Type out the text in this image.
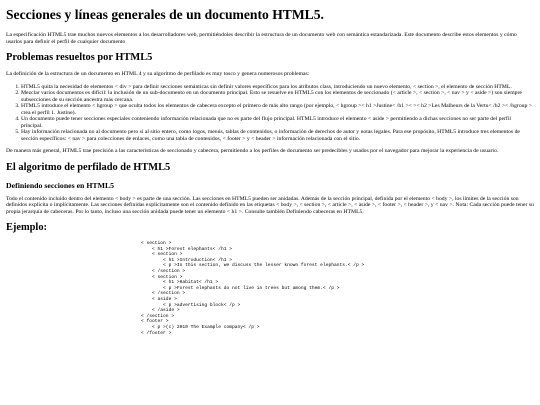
Secciones y líneas generales de un documento HTML5.

La especificación HTML5 trae muchos nuevos elementos a los desarrolladores web, permitiéndoles describir la estructura de un documento web con semántica estandarizada. Este documento describe estos elementos y cómo usarlos para definir el perfil de cualquier documento

Problemas resueltos por HTML5

La definición de la estructura de un documento en HTML 4 y su algoritmo de perfilado es muy tosco y genera numerosos problemas:

1. HTML5 quita la necesidad de elementos < div > para definir secciones semánticas sin definir valores específicos para los atributos class, introduciendo un nuevo elemento, < section >, el elemento de sección HTML.
2. Mezclar varios documentos es difícil: la inclusión de un sub-documento en un documento principal. Esto se resuelve en HTML5 con los elementos de seccionado (< article >, < section >, < nav > y < aside >) son siempre subsecciones de su sección ancestra más cercana.
3. HTML5 introduce el elemento < hgroup > que oculta todos los elementos de cabecera excepto el primero de más alto rango (por ejemplo, < hgroup >< h1 >Justine< /h1 >< >< h2 >Les Malheurs de la Vertu< /h2 >< /hgroup > crea el perfil 1. Justine).
4. Un documento puede tener secciones especiales conteniendo información relacionada que no es parte del flujo principal. HTML5 introduce el elemento < aside > permitiendo a dichas secciones no ser parte del perfil principal.
5. Hay información relacionada no al documento pero sí al sitio entero, como logos, menús, tablas de contenidos, o información de derechos de autor y notas legales. Para ese propósito, HTML5 introduce tres elementos de sección específicos: < nav > para colecciones de enlaces, como una tabla de contenidos, < footer > y < header > información relacionada con el sitio.

De manera más general, HTML5 trae precisión a las características de seccionado y cabecera, permitiendo a los perfiles de documento ser predecibles y usados por el navegador para mejorar la experiencia de usuario.

El algoritmo de perfilado de HTML5
Definiendo secciones en HTML5

Todo el contenido incluido dentro del elemento < body > es parte de una sección. Las secciones en HTML5 pueden ser anidadas. Además de la sección principal, definida por el elemento < body >, los límites de la sección son definidos explícita o implícitamente. Las secciones definidas explícitamente son el contenido definido en las etiquetas < body >, < section >, < article >, < aside >, < footer >, < header >, y < nav >. Nota: Cada sección puede tener su propia jerarquía de cabeceras. Por lo tanto, incluso una sección anidada puede tener un elemento < h1 >. Consulte también Definiendo cabeceras en HTML5.

Ejemplo:
< section >
< h1 >Forest elephants< /h1 >
< section >
< h1 >Introduction< /h1 >
< p >In this section, we discuss the lesser known forest elephants.< /p >
< /section >
< section >
< h1 >Habitat< /h1 >
< p >Forest elephants do not live in trees but among them.< /p >
< /section >
< aside >
< p >advertising block< /p >
< /aside >
< /section >
< footer >
< p >(c) 2010 The Example company< /p >
< /footer >
